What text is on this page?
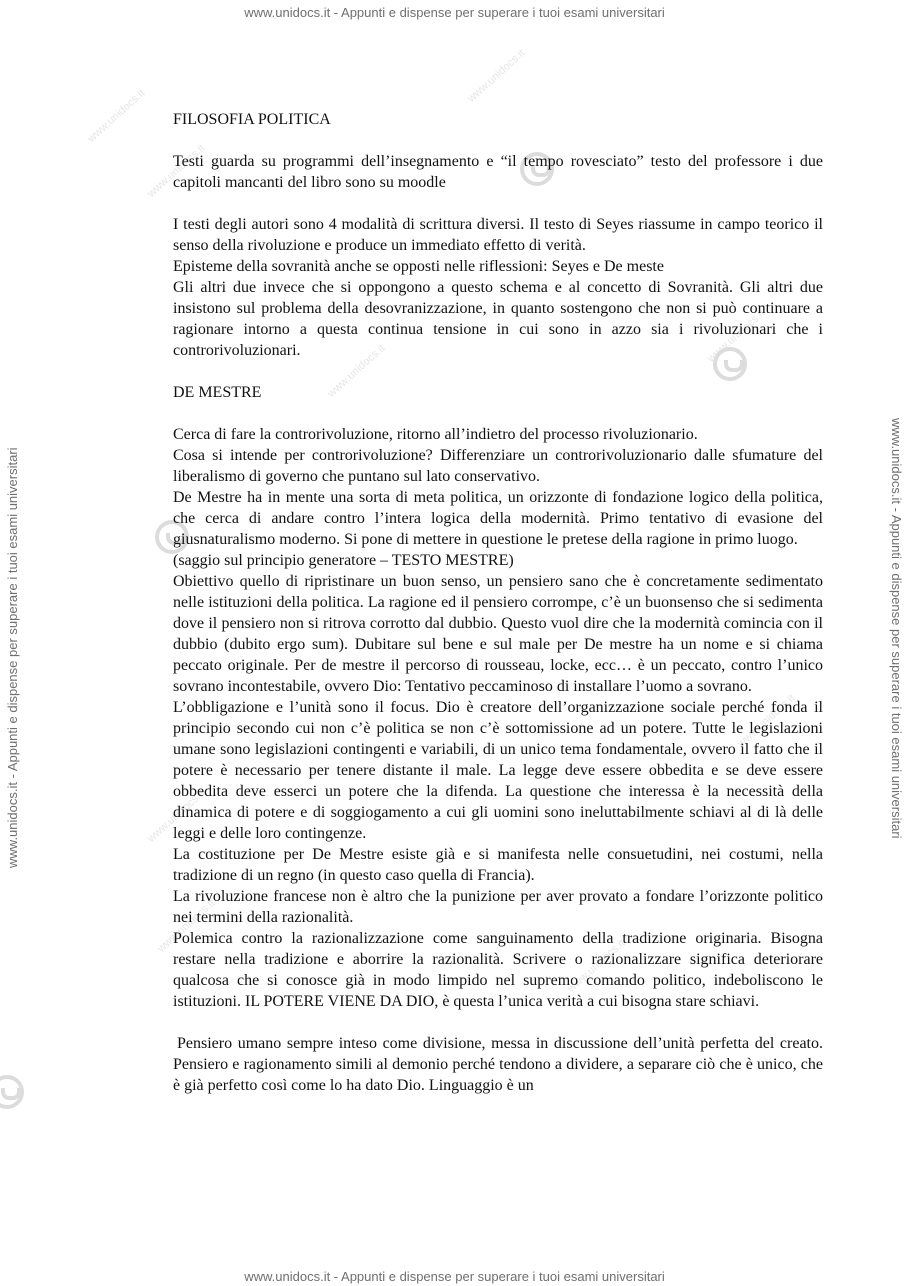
www.unidocs.it
www.unidocs.it
www.unidocs.it
www.unidocs.it
www.unidocs.it
www.unidocs.it
www.unidocs.it
www.unidocs.it
www.unidocs.it
www.unidocs.it - Appunti e dispense per superare i tuoi esami universitari
www.unidocs.it - Appunti e dispense per superare i tuoi esami universitari
www.unidocs.it - Appunti e dispense per superare i tuoi esami universitari	www.unidocs.it - Appunti e dispense per superare i tuoi esami universitari

FILOSOFIA POLITICA

Testi guarda su programmi dell’insegnamento e “il tempo rovesciato” testo del professore i due capitoli mancanti del libro sono su moodle

I testi degli autori sono 4 modalità di scrittura diversi. Il testo di Seyes riassume in campo teorico il senso della rivoluzione e produce un immediato effetto di verità.

Episteme della sovranità anche se opposti nelle riflessioni: Seyes e De meste

Gli altri due invece che si oppongono a questo schema e al concetto di Sovranità. Gli altri due insistono sul problema della desovranizzazione, in quanto sostengono che non si può continuare a ragionare intorno a questa continua tensione in cui sono in azzo sia i rivoluzionari che i controrivoluzionari.

DE MESTRE

Cerca di fare la controrivoluzione, ritorno all’indietro del processo rivoluzionario.

Cosa si intende per controrivoluzione? Differenziare un controrivoluzionario dalle sfumature del liberalismo di governo che puntano sul lato conservativo.

De Mestre ha in mente una sorta di meta politica, un orizzonte di fondazione logico della politica, che cerca di andare contro l’intera logica della modernità. Primo tentativo di evasione del giusnaturalismo moderno. Si pone di mettere in questione le pretese della ragione in primo luogo.

(saggio sul principio generatore – TESTO MESTRE)

Obiettivo quello di ripristinare un buon senso, un pensiero sano che è concretamente sedimentato nelle istituzioni della politica. La ragione ed il pensiero corrompe, c’è un buonsenso che si sedimenta dove il pensiero non si ritrova corrotto dal dubbio. Questo vuol dire che la modernità comincia con il dubbio (dubito ergo sum). Dubitare sul bene e sul male per De mestre ha un nome e si chiama peccato originale. Per de mestre il percorso di rousseau, locke, ecc… è un peccato, contro l’unico sovrano incontestabile, ovvero Dio: Tentativo peccaminoso di installare l’uomo a sovrano.

L’obbligazione e l’unità sono il focus. Dio è creatore dell’organizzazione sociale perché fonda il principio secondo cui non c’è politica se non c’è sottomissione ad un potere. Tutte le legislazioni umane sono legislazioni contingenti e variabili, di un unico tema fondamentale, ovvero il fatto che il potere è necessario per tenere distante il male. La legge deve essere obbedita e se deve essere obbedita deve esserci un potere che la difenda. La questione che interessa è la necessità della dinamica di potere e di soggiogamento a cui gli uomini sono ineluttabilmente schiavi al di là delle leggi e delle loro contingenze.

La costituzione per De Mestre esiste già e si manifesta nelle consuetudini, nei costumi, nella tradizione di un regno (in questo caso quella di Francia).

La rivoluzione francese non è altro che la punizione per aver provato a fondare l’orizzonte politico nei termini della razionalità.

Polemica contro la razionalizzazione come sanguinamento della tradizione originaria. Bisogna restare nella tradizione e aborrire la razionalità. Scrivere o razionalizzare significa deteriorare qualcosa che si conosce già in modo limpido nel supremo comando politico, indeboliscono le istituzioni. IL POTERE VIENE DA DIO, è questa l’unica verità a cui bisogna stare schiavi.

Pensiero umano sempre inteso come divisione, messa in discussione dell’unità perfetta del creato. Pensiero e ragionamento simili al demonio perché tendono a dividere, a separare ciò che è unico, che è già perfetto così come lo ha dato Dio. Linguaggio è un
